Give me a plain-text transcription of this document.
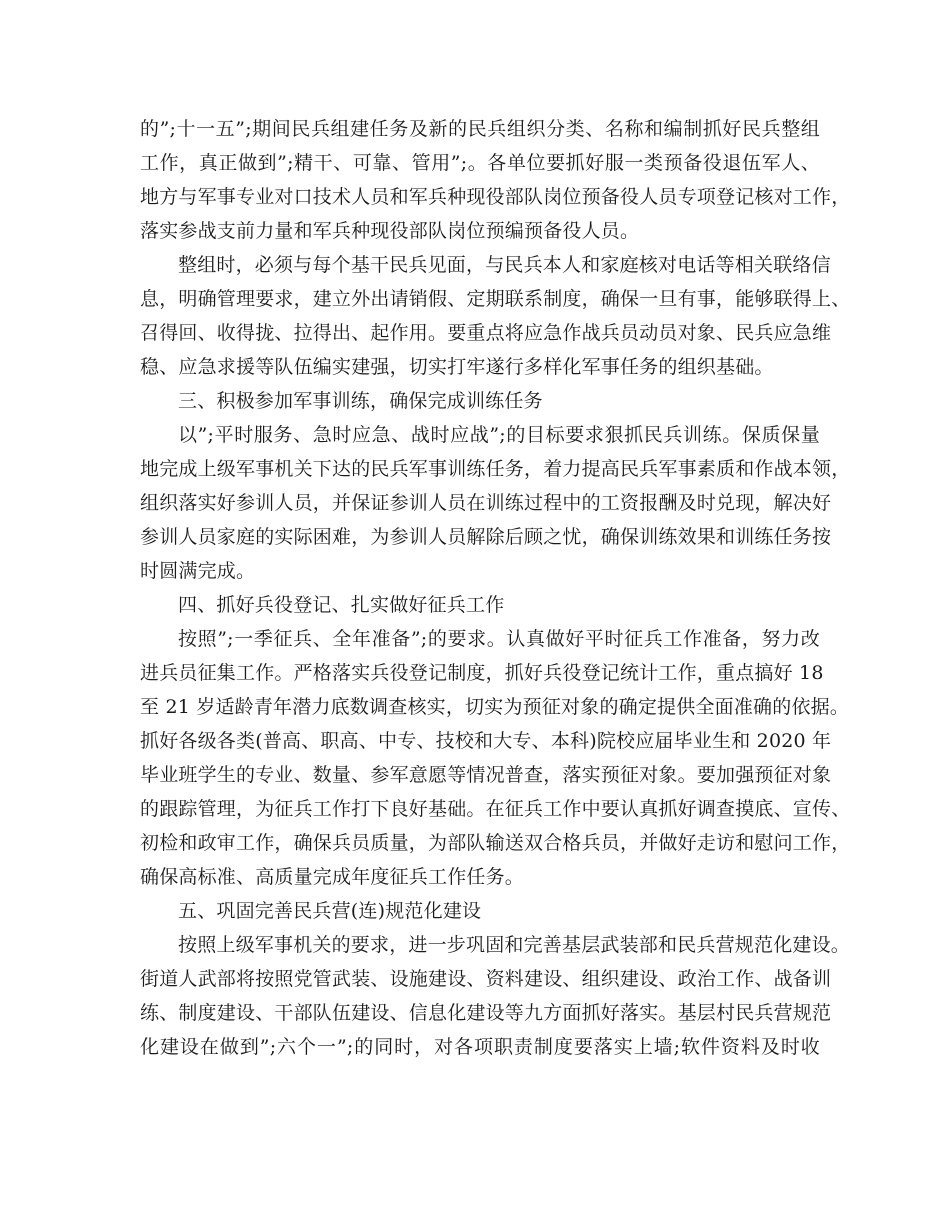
的”;十一五”;期间民兵组建任务及新的民兵组织分类、名称和编制抓好民兵整组
工作，真正做到”;精干、可靠、管用”;。各单位要抓好服一类预备役退伍军人、
地方与军事专业对口技术人员和军兵种现役部队岗位预备役人员专项登记核对工作，
落实参战支前力量和军兵种现役部队岗位预编预备役人员。
整组时，必须与每个基干民兵见面，与民兵本人和家庭核对电话等相关联络信
息，明确管理要求，建立外出请销假、定期联系制度，确保一旦有事，能够联得上、
召得回、收得拢、拉得出、起作用。要重点将应急作战兵员动员对象、民兵应急维
稳、应急求援等队伍编实建强，切实打牢遂行多样化军事任务的组织基础。
三、积极参加军事训练，确保完成训练任务
以”;平时服务、急时应急、战时应战”;的目标要求狠抓民兵训练。保质保量
地完成上级军事机关下达的民兵军事训练任务，着力提高民兵军事素质和作战本领，
组织落实好参训人员，并保证参训人员在训练过程中的工资报酬及时兑现，解决好
参训人员家庭的实际困难，为参训人员解除后顾之忧，确保训练效果和训练任务按
时圆满完成。
四、抓好兵役登记、扎实做好征兵工作
按照”;一季征兵、全年准备”;的要求。认真做好平时征兵工作准备，努力改
进兵员征集工作。严格落实兵役登记制度，抓好兵役登记统计工作，重点搞好 18
至 21 岁适龄青年潜力底数调查核实，切实为预征对象的确定提供全面准确的依据。
抓好各级各类(普高、职高、中专、技校和大专、本科)院校应届毕业生和 2020 年
毕业班学生的专业、数量、参军意愿等情况普查，落实预征对象。要加强预征对象
的跟踪管理，为征兵工作打下良好基础。在征兵工作中要认真抓好调查摸底、宣传、
初检和政审工作，确保兵员质量，为部队输送双合格兵员，并做好走访和慰问工作，
确保高标准、高质量完成年度征兵工作任务。
五、巩固完善民兵营(连)规范化建设
按照上级军事机关的要求，进一步巩固和完善基层武装部和民兵营规范化建设。
街道人武部将按照党管武装、设施建设、资料建设、组织建设、政治工作、战备训
练、制度建设、干部队伍建设、信息化建设等九方面抓好落实。基层村民兵营规范
化建设在做到”;六个一”;的同时，对各项职责制度要落实上墙;软件资料及时收
